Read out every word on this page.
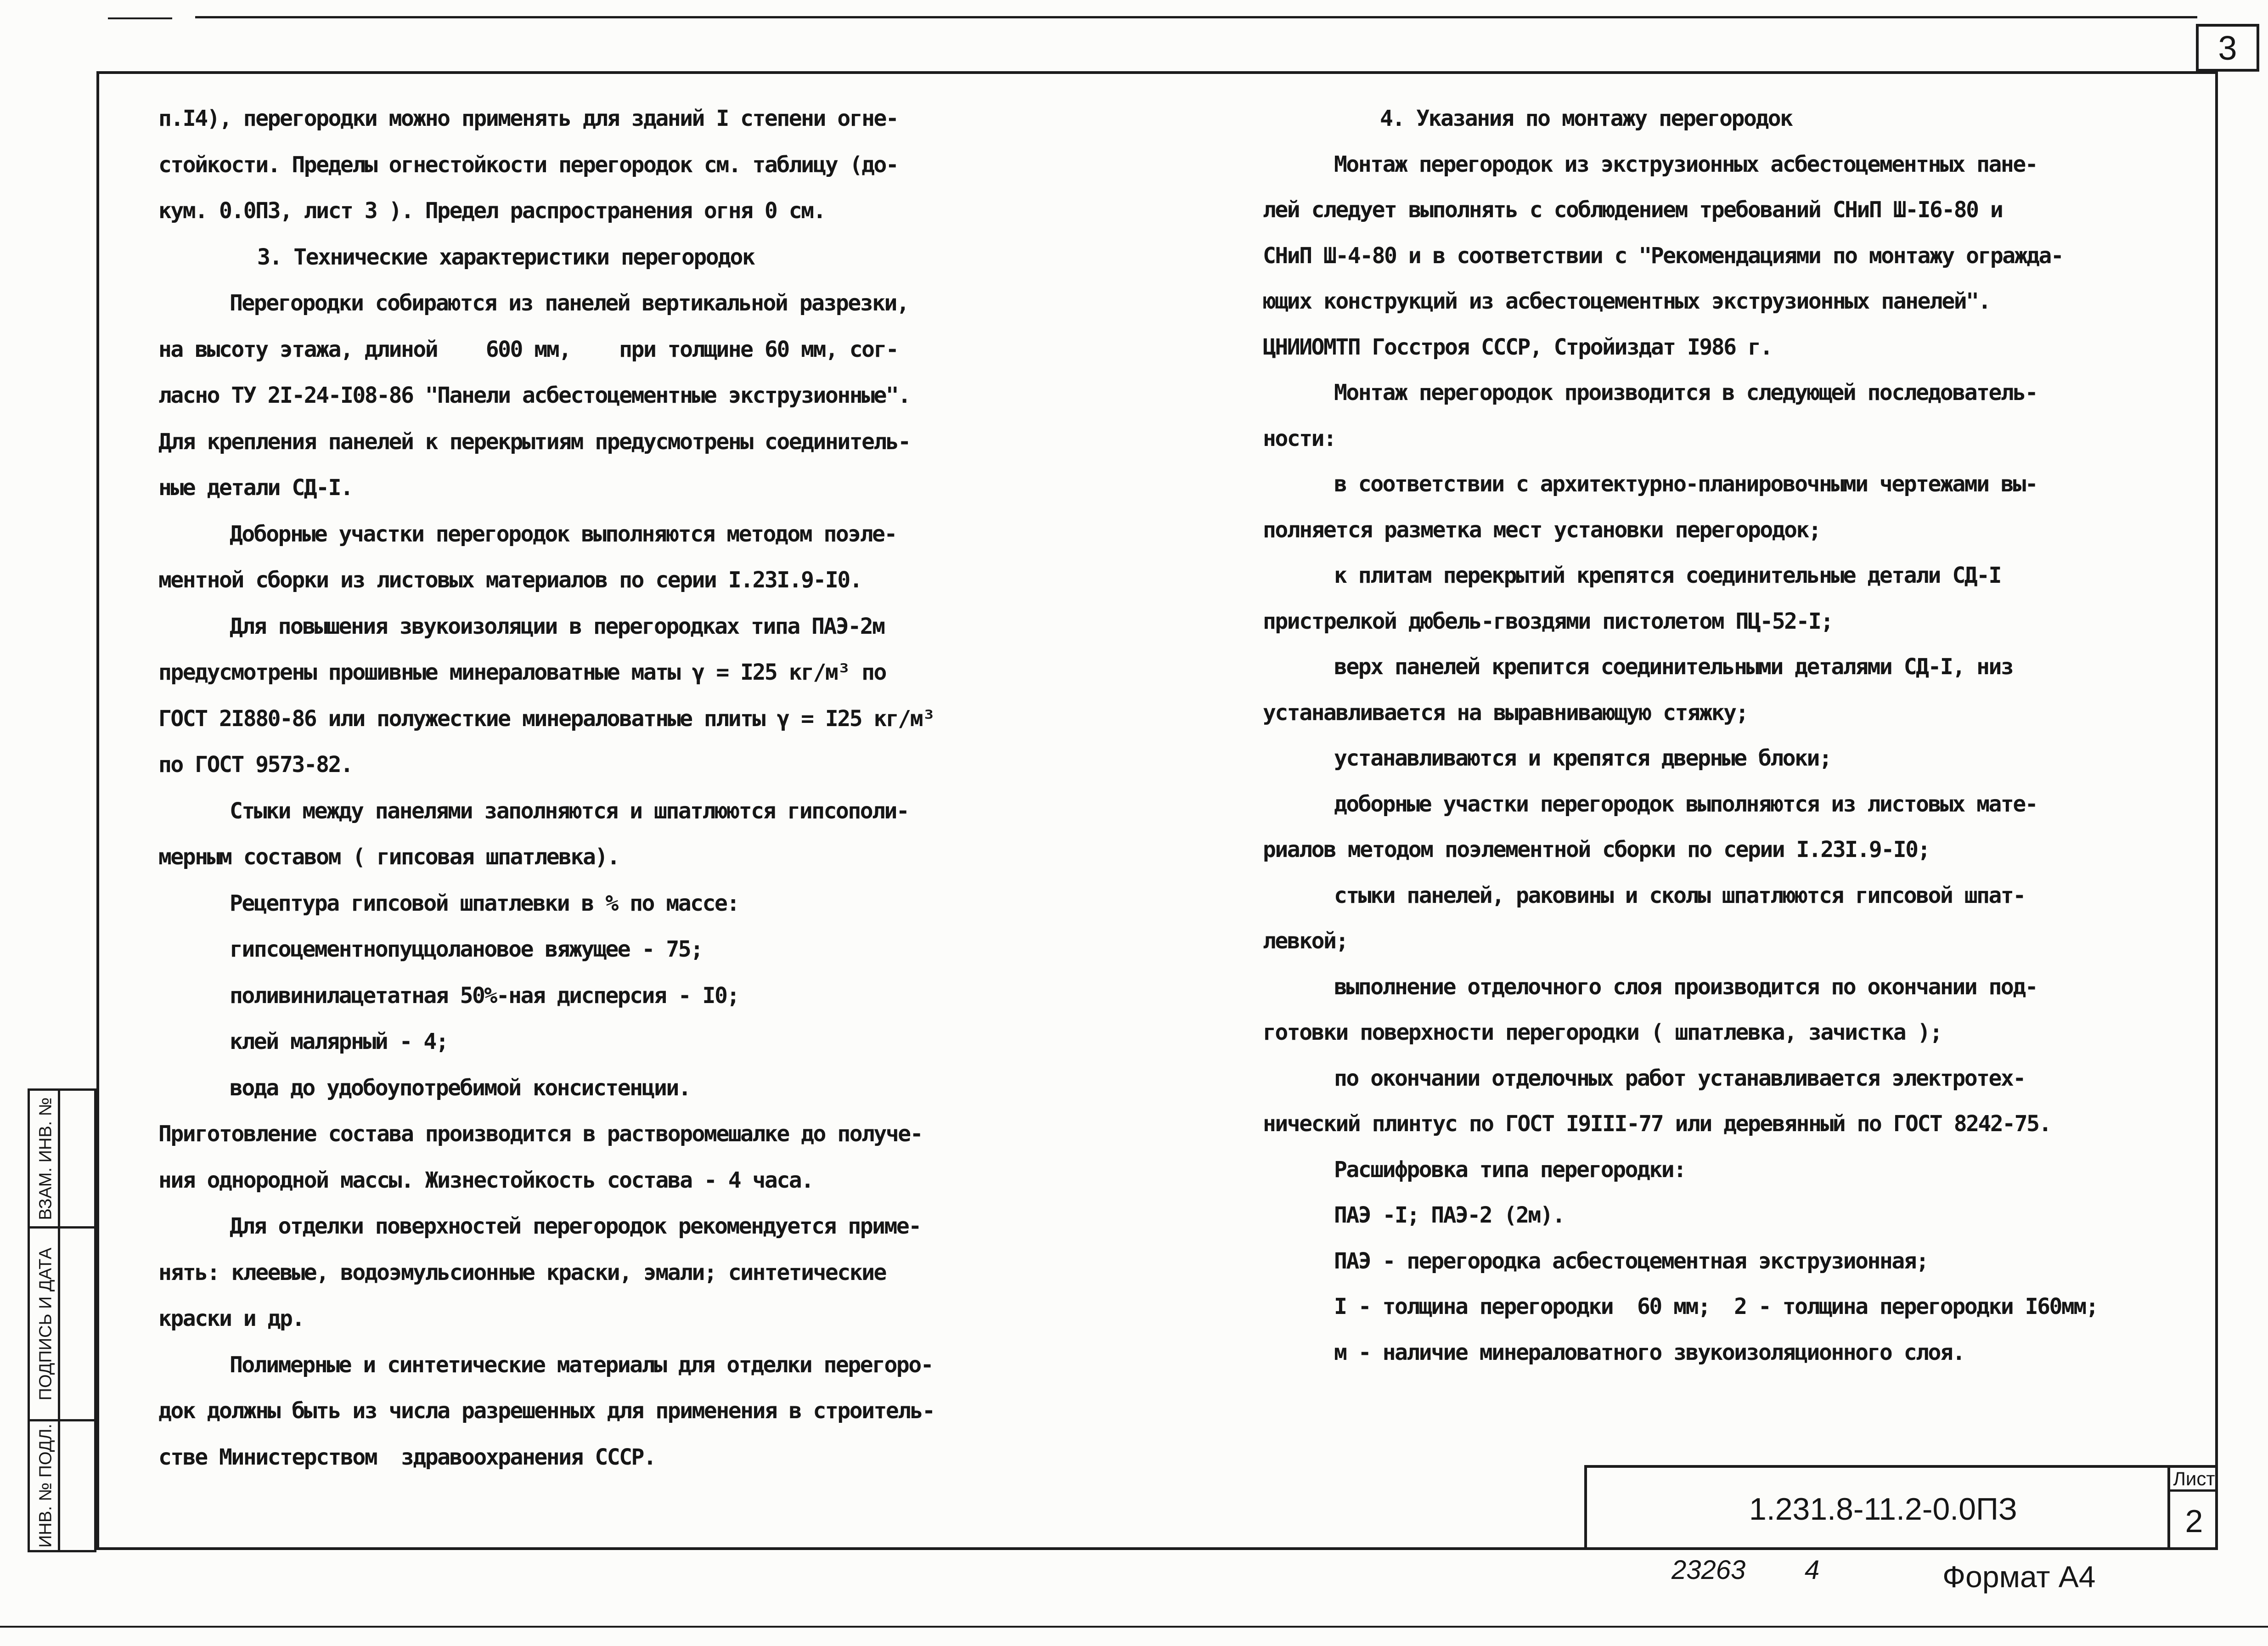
3
п.I4), перегородки можно применять для зданий I степени огне-
стойкости. Пределы огнестойкости перегородок см. таблицу (до-
кум. 0.0ПЗ, лист 3 ). Предел распространения огня 0 см.
3. Технические характеристики перегородок
Перегородки собираются из панелей вертикальной разрезки,
на высоту этажа, длиной    600 мм,    при толщине 60 мм, сог-
ласно ТУ 2I-24-I08-86 "Панели асбестоцементные экструзионные".
Для крепления панелей к перекрытиям предусмотрены соединитель-
ные детали СД-I.
Доборные участки перегородок выполняются методом поэле-
ментной сборки из листовых материалов по серии I.23I.9-I0.
Для повышения звукоизоляции в перегородках типа ПАЭ-2м
предусмотрены прошивные минераловатные маты γ = I25 кг/м³ по
ГОСТ 2I880-86 или полужесткие минераловатные плиты γ = I25 кг/м³
по ГОСТ 9573-82.
Стыки между панелями заполняются и шпатлюются гипсополи-
мерным составом ( гипсовая шпатлевка).
Рецептура гипсовой шпатлевки в % по массе:
гипсоцементнопуццолановое вяжущее - 75;
поливинилацетатная 50%-ная дисперсия - I0;
клей малярный - 4;
вода до удобоупотребимой консистенции.
Приготовление состава производится в растворомешалке до получе-
ния однородной массы. Жизнестойкость состава - 4 часа.
Для отделки поверхностей перегородок рекомендуется приме-
нять: клеевые, водоэмульсионные краски, эмали; синтетические
краски и др.
Полимерные и синтетические материалы для отделки перегоро-
док должны быть из числа разрешенных для применения в строитель-
стве Министерством  здравоохранения СССР.
4. Указания по монтажу перегородок
Монтаж перегородок из экструзионных асбестоцементных пане-
лей следует выполнять с соблюдением требований СНиП Ш-I6-80 и
СНиП Ш-4-80 и в соответствии с "Рекомендациями по монтажу огражда-
ющих конструкций из асбестоцементных экструзионных панелей".
ЦНИИОМТП Госстроя СССР, Стройиздат I986 г.
Монтаж перегородок производится в следующей последователь-
ности:
в соответствии с архитектурно-планировочными чертежами вы-
полняется разметка мест установки перегородок;
к плитам перекрытий крепятся соединительные детали СД-I
пристрелкой дюбель-гвоздями пистолетом ПЦ-52-I;
верх панелей крепится соединительными деталями СД-I, низ
устанавливается на выравнивающую стяжку;
устанавливаются и крепятся дверные блоки;
доборные участки перегородок выполняются из листовых мате-
риалов методом поэлементной сборки по серии I.23I.9-I0;
стыки панелей, раковины и сколы шпатлюются гипсовой шпат-
левкой;
выполнение отделочного слоя производится по окончании под-
готовки поверхности перегородки ( шпатлевка, зачистка );
по окончании отделочных работ устанавливается электротех-
нический плинтус по ГОСТ I9III-77 или деревянный по ГОСТ 8242-75.
Расшифровка типа перегородки:
ПАЭ -I; ПАЭ-2 (2м).
ПАЭ - перегородка асбестоцементная экструзионная;
I - толщина перегородки  60 мм;  2 - толщина перегородки I60мм;
м - наличие минераловатного звукоизоляционного слоя.
ВЗАМ. ИНВ. №
ПОДПИСЬ И ДАТА
ИНВ. № ПОДЛ.	1.231.8-11.2-0.0ПЗ
Лист
2
23263 4	Формат А4
